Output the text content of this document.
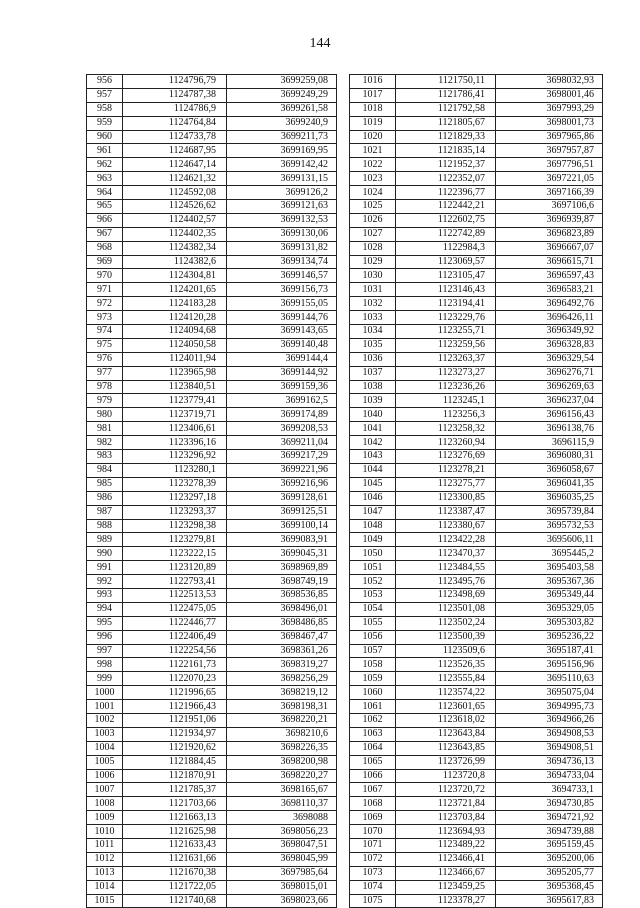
144
956	1124796,79	3699259,08
957	1124787,38	3699249,29
958	1124786,9	3699261,58
959	1124764,84	3699240,9
960	1124733,78	3699211,73
961	1124687,95	3699169,95
962	1124647,14	3699142,42
963	1124621,32	3699131,15
964	1124592,08	3699126,2
965	1124526,62	3699121,63
966	1124402,57	3699132,53
967	1124402,35	3699130,06
968	1124382,34	3699131,82
969	1124382,6	3699134,74
970	1124304,81	3699146,57
971	1124201,65	3699156,73
972	1124183,28	3699155,05
973	1124120,28	3699144,76
974	1124094,68	3699143,65
975	1124050,58	3699140,48
976	1124011,94	3699144,4
977	1123965,98	3699144,92
978	1123840,51	3699159,36
979	1123779,41	3699162,5
980	1123719,71	3699174,89
981	1123406,61	3699208,53
982	1123396,16	3699211,04
983	1123296,92	3699217,29
984	1123280,1	3699221,96
985	1123278,39	3699216,96
986	1123297,18	3699128,61
987	1123293,37	3699125,51
988	1123298,38	3699100,14
989	1123279,81	3699083,91
990	1123222,15	3699045,31
991	1123120,89	3698969,89
992	1122793,41	3698749,19
993	1122513,53	3698536,85
994	1122475,05	3698496,01
995	1122446,77	3698486,85
996	1122406,49	3698467,47
997	1122254,56	3698361,26
998	1122161,73	3698319,27
999	1122070,23	3698256,29
1000	1121996,65	3698219,12
1001	1121966,43	3698198,31
1002	1121951,06	3698220,21
1003	1121934,97	3698210,6
1004	1121920,62	3698226,35
1005	1121884,45	3698200,98
1006	1121870,91	3698220,27
1007	1121785,37	3698165,67
1008	1121703,66	3698110,37
1009	1121663,13	3698088
1010	1121625,98	3698056,23
1011	1121633,43	3698047,51
1012	1121631,66	3698045,99
1013	1121670,38	3697985,64
1014	1121722,05	3698015,01
1015	1121740,68	3698023,66
1016	1121750,11	3698032,93
1017	1121786,41	3698001,46
1018	1121792,58	3697993,29
1019	1121805,67	3698001,73
1020	1121829,33	3697965,86
1021	1121835,14	3697957,87
1022	1121952,37	3697796,51
1023	1122352,07	3697221,05
1024	1122396,77	3697166,39
1025	1122442,21	3697106,6
1026	1122602,75	3696939,87
1027	1122742,89	3696823,89
1028	1122984,3	3696667,07
1029	1123069,57	3696615,71
1030	1123105,47	3696597,43
1031	1123146,43	3696583,21
1032	1123194,41	3696492,76
1033	1123229,76	3696426,11
1034	1123255,71	3696349,92
1035	1123259,56	3696328,83
1036	1123263,37	3696329,54
1037	1123273,27	3696276,71
1038	1123236,26	3696269,63
1039	1123245,1	3696237,04
1040	1123256,3	3696156,43
1041	1123258,32	3696138,76
1042	1123260,94	3696115,9
1043	1123276,69	3696080,31
1044	1123278,21	3696058,67
1045	1123275,77	3696041,35
1046	1123300,85	3696035,25
1047	1123387,47	3695739,84
1048	1123380,67	3695732,53
1049	1123422,28	3695606,11
1050	1123470,37	3695445,2
1051	1123484,55	3695403,58
1052	1123495,76	3695367,36
1053	1123498,69	3695349,44
1054	1123501,08	3695329,05
1055	1123502,24	3695303,82
1056	1123500,39	3695236,22
1057	1123509,6	3695187,41
1058	1123526,35	3695156,96
1059	1123555,84	3695110,63
1060	1123574,22	3695075,04
1061	1123601,65	3694995,73
1062	1123618,02	3694966,26
1063	1123643,84	3694908,53
1064	1123643,85	3694908,51
1065	1123726,99	3694736,13
1066	1123720,8	3694733,04
1067	1123720,72	3694733,1
1068	1123721,84	3694730,85
1069	1123703,84	3694721,92
1070	1123694,93	3694739,88
1071	1123489,22	3695159,45
1072	1123466,41	3695200,06
1073	1123466,67	3695205,77
1074	1123459,25	3695368,45
1075	1123378,27	3695617,83
